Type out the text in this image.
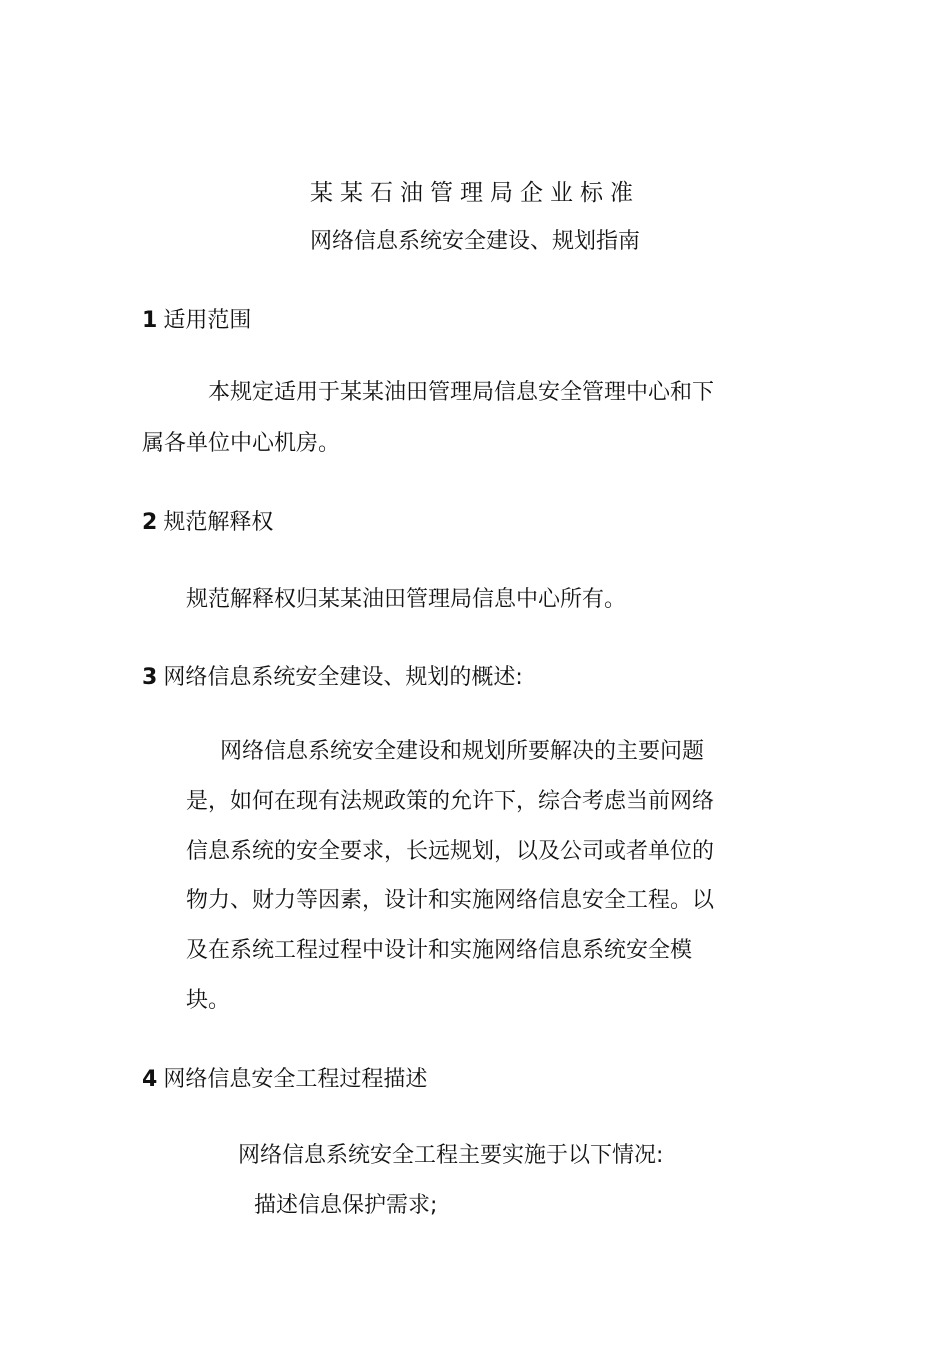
某某石油管理局企业标准
网络信息系统安全建设、规划指南
1 适用范围
本规定适用于某某油田管理局信息安全管理中心和下
属各单位中心机房。
2 规范解释权
规范解释权归某某油田管理局信息中心所有。
3 网络信息系统安全建设、规划的概述:
网络信息系统安全建设和规划所要解决的主要问题
是，如何在现有法规政策的允许下，综合考虑当前网络
信息系统的安全要求，长远规划，以及公司或者单位的
物力、财力等因素，设计和实施网络信息安全工程。以
及在系统工程过程中设计和实施网络信息系统安全模
块。
4 网络信息安全工程过程描述
网络信息系统安全工程主要实施于以下情况:
描述信息保护需求;
